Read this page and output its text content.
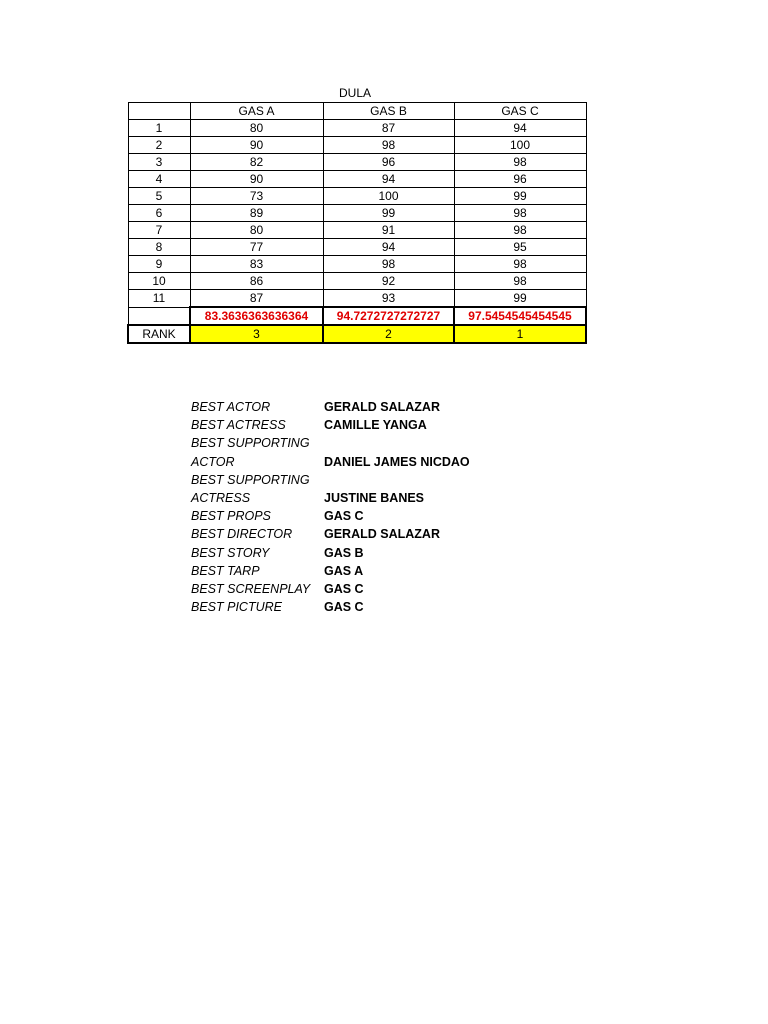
DULA
	GAS A	GAS B	GAS C
1	80	87	94
2	90	98	100
3	82	96	98
4	90	94	96
5	73	100	99
6	89	99	98
7	80	91	98
8	77	94	95
9	83	98	98
10	86	92	98
11	87	93	99
	83.3636363636364	94.7272727272727	97.5454545454545
RANK	3	2	1
BEST ACTOR	GERALD SALAZAR
BEST ACTRESS	CAMILLE YANGA
BEST SUPPORTING
ACTOR	DANIEL JAMES NICDAO
BEST SUPPORTING
ACTRESS	JUSTINE BANES
BEST PROPS	GAS C
BEST DIRECTOR	GERALD SALAZAR
BEST STORY	GAS B
BEST TARP	GAS A
BEST SCREENPLAY	GAS C
BEST PICTURE	GAS C
